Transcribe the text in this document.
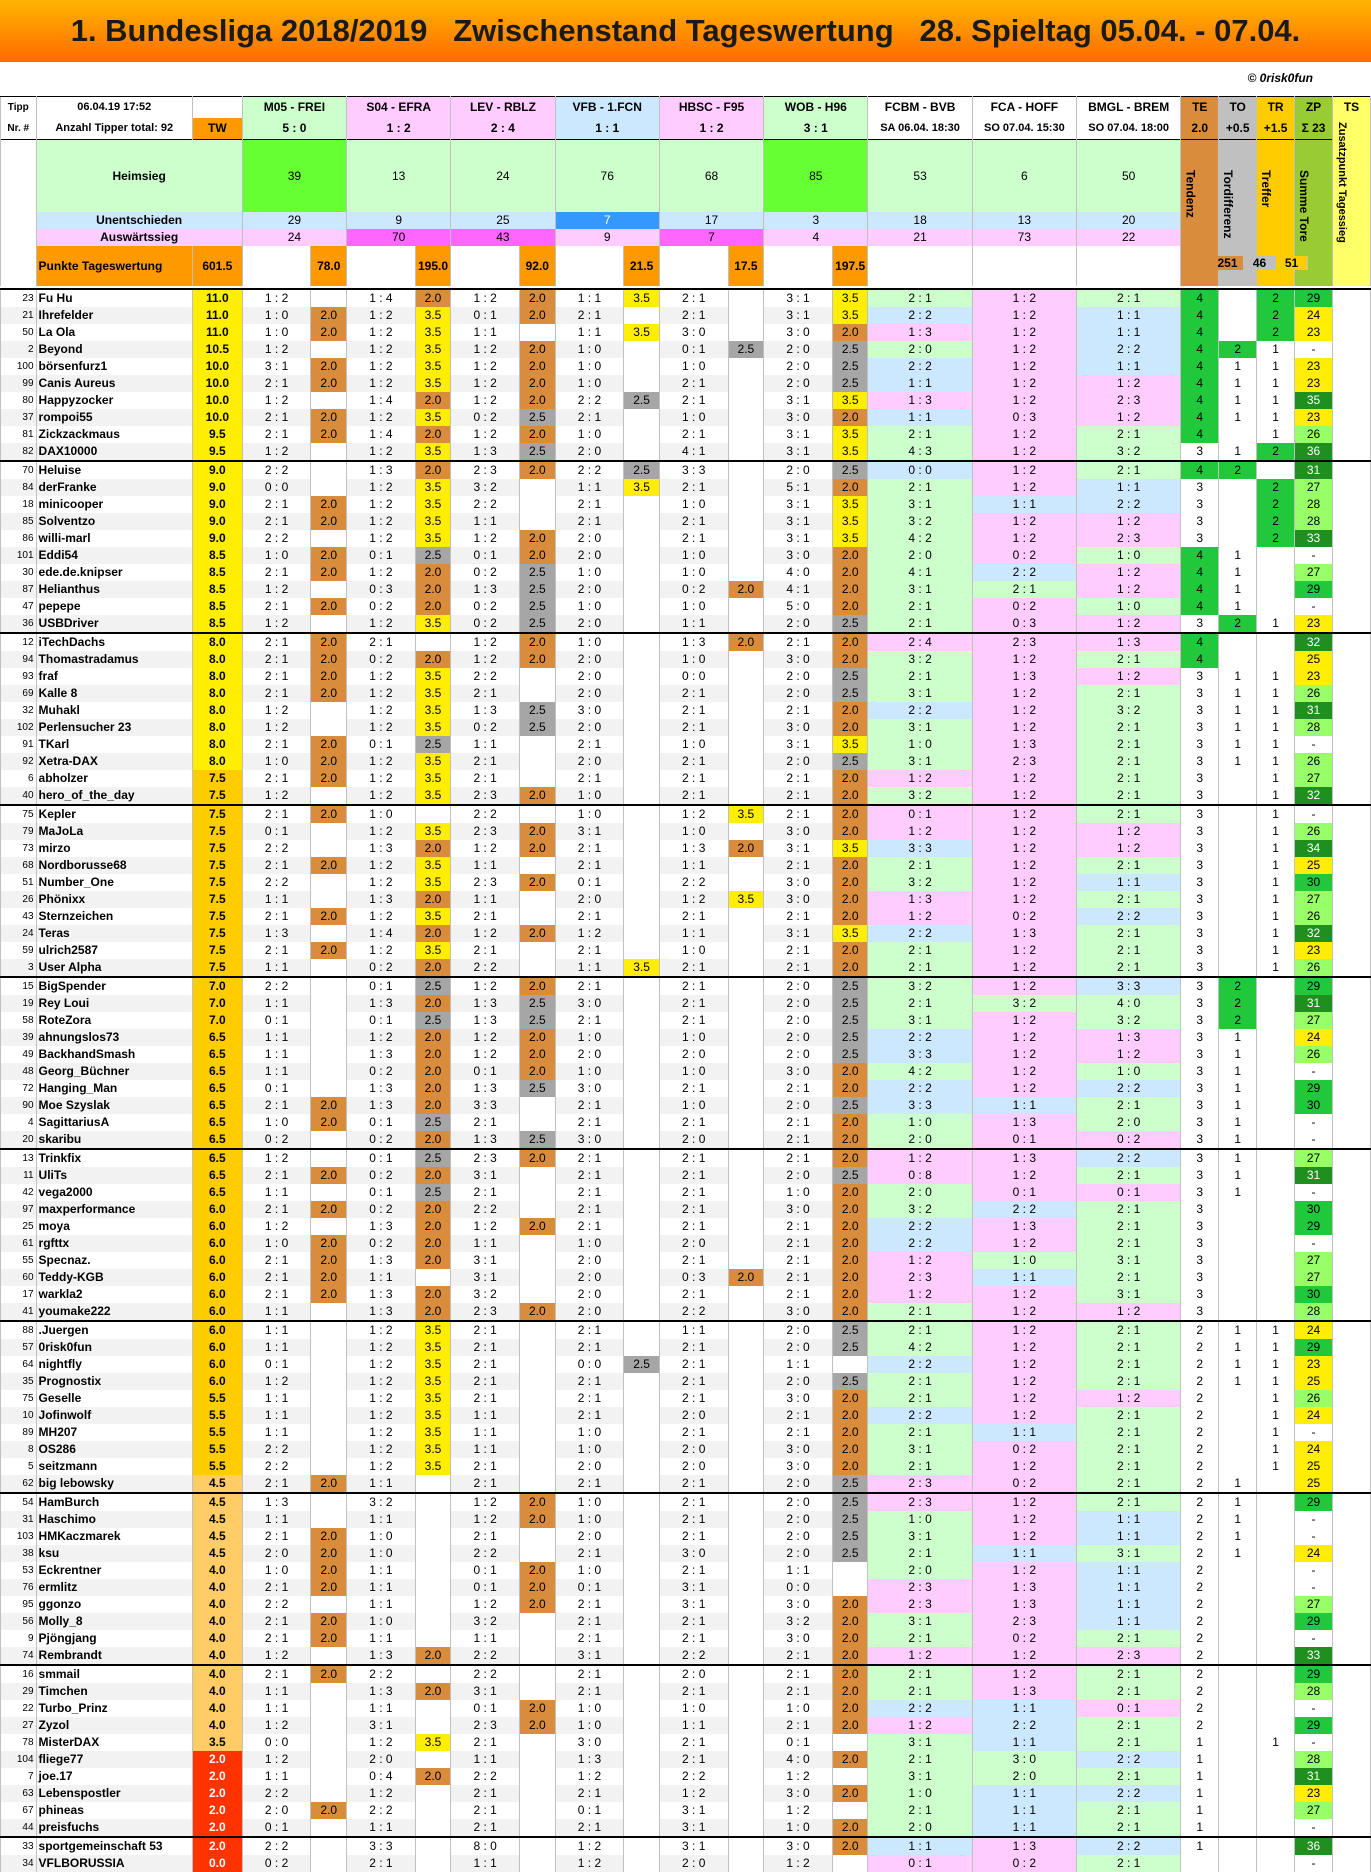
1. Bundesliga 2018/2019   Zwischenstand Tageswertung   28. Spieltag 05.04. - 07.04.
© 0risk0fun
Tipp	06.04.19 17:52		M05 - FREI		S04 - EFRA		LEV - RBLZ		VFB - 1.FCN		HBSC - F95		WOB - H96		FCBM - BVB	FCA - HOFF	BMGL - BREM	TE	TO	TR	ZP	TS
Nr. #	Anzahl Tipper total: 92	TW	5 : 0		1 : 2		2 : 4		1 : 1		1 : 2		3 : 1		SA 06.04. 18:30	SO 07.04. 15:30	SO 07.04. 18:00	2.0	+0.5	+1.5	Σ 23	Zusatzpunkt Tagessieg

	Heimsieg		39		13		24		76		68		85		53	6	50	Tendenz	Tordifferenz	Treffer	Summe Tore	

	Unentschieden		29		9		25		7		17		3		18	13	20					
	Auswärtssieg		24		70		43		9		7		4		21	73	22					
	Punkte Tageswertung	601.5		78.0		195.0		92.0		21.5		17.5		197.5								

23	Fu Hu	11.0	1 : 2		1 : 4	2.0	1 : 2	2.0	1 : 1	3.5	2 : 1		3 : 1	3.5	2 : 1	1 : 2	2 : 1	4		2	29	
21	Ihrefelder	11.0	1 : 0	2.0	1 : 2	3.5	0 : 1	2.0	2 : 1		2 : 1		3 : 1	3.5	2 : 2	1 : 2	1 : 1	4		2	24	
50	La Ola	11.0	1 : 0	2.0	1 : 2	3.5	1 : 1		1 : 1	3.5	3 : 0		3 : 0	2.0	1 : 3	1 : 2	1 : 1	4		2	23	
2	Beyond	10.5	1 : 2		1 : 2	3.5	1 : 2	2.0	1 : 0		0 : 1	2.5	2 : 0	2.5	2 : 0	1 : 2	2 : 2	4	2	1	-	
100	börsenfurz1	10.0	3 : 1	2.0	1 : 2	3.5	1 : 2	2.0	1 : 0		1 : 0		2 : 0	2.5	2 : 2	1 : 2	1 : 1	4	1	1	23	
99	Canis Aureus	10.0	2 : 1	2.0	1 : 2	3.5	1 : 2	2.0	1 : 0		2 : 1		2 : 0	2.5	1 : 1	1 : 2	1 : 2	4	1	1	23	
80	Happyzocker	10.0	1 : 2		1 : 4	2.0	1 : 2	2.0	2 : 2	2.5	2 : 1		3 : 1	3.5	1 : 3	1 : 2	2 : 3	4	1	1	35	
37	rompoi55	10.0	2 : 1	2.0	1 : 2	3.5	0 : 2	2.5	2 : 1		1 : 0		3 : 0	2.0	1 : 1	0 : 3	1 : 2	4	1	1	23	
81	Zickzackmaus	9.5	2 : 1	2.0	1 : 4	2.0	1 : 2	2.0	1 : 0		2 : 1		3 : 1	3.5	2 : 1	1 : 2	2 : 1	4		1	26	
82	DAX10000	9.5	1 : 2		1 : 2	3.5	1 : 3	2.5	2 : 0		4 : 1		3 : 1	3.5	4 : 3	1 : 2	3 : 2	3	1	2	36	
70	Heluise	9.0	2 : 2		1 : 3	2.0	2 : 3	2.0	2 : 2	2.5	3 : 3		2 : 0	2.5	0 : 0	1 : 2	2 : 1	4	2		31	
84	derFranke	9.0	0 : 0		1 : 2	3.5	3 : 2		1 : 1	3.5	2 : 1		5 : 1	2.0	2 : 1	1 : 2	1 : 1	3		2	27	
18	minicooper	9.0	2 : 1	2.0	1 : 2	3.5	2 : 2		2 : 1		1 : 0		3 : 1	3.5	3 : 1	1 : 1	2 : 2	3		2	28	
85	Solventzo	9.0	2 : 1	2.0	1 : 2	3.5	1 : 1		2 : 1		2 : 1		3 : 1	3.5	3 : 2	1 : 2	1 : 2	3		2	28	
86	willi-marl	9.0	2 : 2		1 : 2	3.5	1 : 2	2.0	2 : 0		2 : 1		3 : 1	3.5	4 : 2	1 : 2	2 : 3	3		2	33	
101	Eddi54	8.5	1 : 0	2.0	0 : 1	2.5	0 : 1	2.0	2 : 0		1 : 0		3 : 0	2.0	2 : 0	0 : 2	1 : 0	4	1		-	
30	ede.de.knipser	8.5	2 : 1	2.0	1 : 2	2.0	0 : 2	2.5	1 : 0		1 : 0		4 : 0	2.0	4 : 1	2 : 2	1 : 2	4	1		27	
87	Helianthus	8.5	1 : 2		0 : 3	2.0	1 : 3	2.5	2 : 0		0 : 2	2.0	4 : 1	2.0	3 : 1	2 : 1	1 : 2	4	1		29	
47	pepepe	8.5	2 : 1	2.0	0 : 2	2.0	0 : 2	2.5	1 : 0		1 : 0		5 : 0	2.0	2 : 1	0 : 2	1 : 0	4	1		-	
36	USBDriver	8.5	1 : 2		1 : 2	3.5	0 : 2	2.5	2 : 0		1 : 1		2 : 0	2.5	2 : 1	0 : 3	1 : 2	3	2	1	23	
12	iTechDachs	8.0	2 : 1	2.0	2 : 1		1 : 2	2.0	1 : 0		1 : 3	2.0	2 : 1	2.0	2 : 4	2 : 3	1 : 3	4			32	
94	Thomastradamus	8.0	2 : 1	2.0	0 : 2	2.0	1 : 2	2.0	2 : 0		1 : 0		3 : 0	2.0	3 : 2	1 : 2	2 : 1	4			25	
93	fraf	8.0	2 : 1	2.0	1 : 2	3.5	2 : 2		2 : 0		0 : 0		2 : 0	2.5	2 : 1	1 : 3	1 : 2	3	1	1	23	
69	Kalle 8	8.0	2 : 1	2.0	1 : 2	3.5	2 : 1		2 : 0		2 : 1		2 : 0	2.5	3 : 1	1 : 2	2 : 1	3	1	1	26	
32	Muhakl	8.0	1 : 2		1 : 2	3.5	1 : 3	2.5	3 : 0		2 : 1		2 : 1	2.0	2 : 2	1 : 2	3 : 2	3	1	1	31	
102	Perlensucher 23	8.0	1 : 2		1 : 2	3.5	0 : 2	2.5	2 : 0		2 : 1		3 : 0	2.0	3 : 1	1 : 2	2 : 1	3	1	1	28	
91	TKarl	8.0	2 : 1	2.0	0 : 1	2.5	1 : 1		2 : 1		1 : 0		3 : 1	3.5	1 : 0	1 : 3	2 : 1	3	1	1	-	
92	Xetra-DAX	8.0	1 : 0	2.0	1 : 2	3.5	2 : 1		2 : 0		2 : 1		2 : 0	2.5	3 : 1	2 : 3	2 : 1	3	1	1	26	
6	abholzer	7.5	2 : 1	2.0	1 : 2	3.5	2 : 1		2 : 1		2 : 1		2 : 1	2.0	1 : 2	1 : 2	2 : 1	3		1	27	
40	hero_of_the_day	7.5	1 : 2		1 : 2	3.5	2 : 3	2.0	1 : 0		2 : 1		2 : 1	2.0	3 : 2	1 : 2	2 : 1	3		1	32	
75	Kepler	7.5	2 : 1	2.0	1 : 0		2 : 2		1 : 0		1 : 2	3.5	2 : 1	2.0	0 : 1	1 : 2	2 : 1	3		1	-	
79	MaJoLa	7.5	0 : 1		1 : 2	3.5	2 : 3	2.0	3 : 1		1 : 0		3 : 0	2.0	1 : 2	1 : 2	1 : 2	3		1	26	
73	mirzo	7.5	2 : 2		1 : 3	2.0	1 : 2	2.0	2 : 1		1 : 3	2.0	3 : 1	3.5	3 : 3	1 : 2	1 : 2	3		1	34	
68	Nordborusse68	7.5	2 : 1	2.0	1 : 2	3.5	1 : 1		2 : 1		1 : 1		2 : 1	2.0	2 : 1	1 : 2	2 : 1	3		1	25	
51	Number_One	7.5	2 : 2		1 : 2	3.5	2 : 3	2.0	0 : 1		2 : 2		3 : 0	2.0	3 : 2	1 : 2	1 : 1	3		1	30	
26	Phönixx	7.5	1 : 1		1 : 3	2.0	1 : 1		2 : 0		1 : 2	3.5	3 : 0	2.0	1 : 3	1 : 2	2 : 1	3		1	27	
43	Sternzeichen	7.5	2 : 1	2.0	1 : 2	3.5	2 : 1		2 : 1		2 : 1		2 : 1	2.0	1 : 2	0 : 2	2 : 2	3		1	26	
24	Teras	7.5	1 : 3		1 : 4	2.0	1 : 2	2.0	1 : 2		1 : 1		3 : 1	3.5	2 : 2	1 : 3	2 : 1	3		1	32	
59	ulrich2587	7.5	2 : 1	2.0	1 : 2	3.5	2 : 1		2 : 1		1 : 0		2 : 1	2.0	2 : 1	1 : 2	2 : 1	3		1	23	
3	User Alpha	7.5	1 : 1		0 : 2	2.0	2 : 2		1 : 1	3.5	2 : 1		2 : 1	2.0	2 : 1	1 : 2	2 : 1	3		1	26	
15	BigSpender	7.0	2 : 2		0 : 1	2.5	1 : 2	2.0	2 : 1		2 : 1		2 : 0	2.5	3 : 2	1 : 2	3 : 3	3	2		29	
19	Rey Loui	7.0	1 : 1		1 : 3	2.0	1 : 3	2.5	3 : 0		2 : 1		2 : 0	2.5	2 : 1	3 : 2	4 : 0	3	2		31	
58	RoteZora	7.0	0 : 1		0 : 1	2.5	1 : 3	2.5	2 : 1		2 : 1		2 : 0	2.5	3 : 1	1 : 2	3 : 2	3	2		27	
39	ahnungslos73	6.5	1 : 1		1 : 2	2.0	1 : 2	2.0	1 : 0		1 : 0		2 : 0	2.5	2 : 2	1 : 2	1 : 3	3	1		24	
49	BackhandSmash	6.5	1 : 1		1 : 3	2.0	1 : 2	2.0	2 : 0		2 : 0		2 : 0	2.5	3 : 3	1 : 2	1 : 2	3	1		26	
48	Georg_Büchner	6.5	1 : 1		0 : 2	2.0	0 : 1	2.0	1 : 0		1 : 0		3 : 0	2.0	4 : 2	1 : 2	1 : 0	3	1		-	
72	Hanging_Man	6.5	0 : 1		1 : 3	2.0	1 : 3	2.5	3 : 0		2 : 1		2 : 1	2.0	2 : 2	1 : 2	2 : 2	3	1		29	
90	Moe Szyslak	6.5	2 : 1	2.0	1 : 3	2.0	3 : 3		2 : 1		1 : 0		2 : 0	2.5	3 : 3	1 : 1	2 : 1	3	1		30	
4	SagittariusA	6.5	1 : 0	2.0	0 : 1	2.5	2 : 1		2 : 1		2 : 1		2 : 1	2.0	1 : 0	1 : 3	2 : 0	3	1		-	
20	skaribu	6.5	0 : 2		0 : 2	2.0	1 : 3	2.5	3 : 0		2 : 0		2 : 1	2.0	2 : 0	0 : 1	0 : 2	3	1		-	
13	Trinkfix	6.5	1 : 2		0 : 1	2.5	2 : 3	2.0	2 : 1		2 : 1		2 : 1	2.0	1 : 2	1 : 3	2 : 2	3	1		27	
11	UliTs	6.5	2 : 1	2.0	0 : 2	2.0	3 : 1		2 : 1		2 : 1		2 : 0	2.5	0 : 8	1 : 2	2 : 1	3	1		31	
42	vega2000	6.5	1 : 1		0 : 1	2.5	2 : 1		2 : 1		2 : 1		1 : 0	2.0	2 : 0	0 : 1	0 : 1	3	1		-	
97	maxperformance	6.0	2 : 1	2.0	0 : 2	2.0	2 : 2		2 : 1		2 : 1		3 : 0	2.0	3 : 2	2 : 2	2 : 1	3			30	
25	moya	6.0	1 : 2		1 : 3	2.0	1 : 2	2.0	2 : 1		2 : 1		2 : 1	2.0	2 : 2	1 : 3	2 : 1	3			29	
61	rgfttx	6.0	1 : 0	2.0	0 : 2	2.0	1 : 1		1 : 0		2 : 0		2 : 1	2.0	2 : 2	1 : 2	2 : 1	3			-	
55	Specnaz.	6.0	2 : 1	2.0	1 : 3	2.0	3 : 1		2 : 0		2 : 1		2 : 1	2.0	1 : 2	1 : 0	3 : 1	3			27	
60	Teddy-KGB	6.0	2 : 1	2.0	1 : 1		3 : 1		2 : 0		0 : 3	2.0	2 : 1	2.0	2 : 3	1 : 1	2 : 1	3			27	
17	warkla2	6.0	2 : 1	2.0	1 : 3	2.0	3 : 2		2 : 0		2 : 1		2 : 1	2.0	1 : 2	1 : 2	3 : 1	3			30	
41	youmake222	6.0	1 : 1		1 : 3	2.0	2 : 3	2.0	2 : 0		2 : 2		3 : 0	2.0	2 : 1	1 : 2	1 : 2	3			28	
88	.Juergen	6.0	1 : 1		1 : 2	3.5	2 : 1		2 : 1		1 : 1		2 : 0	2.5	2 : 1	1 : 2	2 : 1	2	1	1	24	
57	0risk0fun	6.0	1 : 1		1 : 2	3.5	2 : 1		2 : 1		2 : 1		2 : 0	2.5	4 : 2	1 : 2	2 : 1	2	1	1	29	
64	nightfly	6.0	0 : 1		1 : 2	3.5	2 : 1		0 : 0	2.5	2 : 1		1 : 1		2 : 2	1 : 2	2 : 1	2	1	1	23	
35	Prognostix	6.0	1 : 2		1 : 2	3.5	2 : 1		2 : 1		2 : 1		2 : 0	2.5	2 : 1	1 : 2	2 : 1	2	1	1	25	
75	Geselle	5.5	1 : 1		1 : 2	3.5	2 : 1		2 : 1		2 : 1		3 : 0	2.0	2 : 1	1 : 2	1 : 2	2		1	26	
10	Jofinwolf	5.5	1 : 1		1 : 2	3.5	1 : 1		2 : 1		2 : 0		2 : 1	2.0	2 : 2	1 : 2	2 : 1	2		1	24	
89	MH207	5.5	1 : 1		1 : 2	3.5	1 : 1		1 : 0		2 : 1		2 : 1	2.0	2 : 1	1 : 1	2 : 1	2		1	-	
8	OS286	5.5	2 : 2		1 : 2	3.5	1 : 1		1 : 0		2 : 0		3 : 0	2.0	3 : 1	0 : 2	2 : 1	2		1	24	
5	seitzmann	5.5	2 : 2		1 : 2	3.5	2 : 1		2 : 0		2 : 0		3 : 0	2.0	2 : 1	1 : 2	2 : 1	2		1	25	
62	big lebowsky	4.5	2 : 1	2.0	1 : 1		2 : 1		2 : 1		2 : 1		2 : 0	2.5	2 : 3	0 : 2	2 : 1	2	1		25	
54	HamBurch	4.5	1 : 3		3 : 2		1 : 2	2.0	1 : 0		2 : 1		2 : 0	2.5	2 : 3	1 : 2	2 : 1	2	1		29	
31	Haschimo	4.5	1 : 1		1 : 1		1 : 2	2.0	1 : 0		2 : 1		2 : 0	2.5	1 : 0	1 : 2	1 : 1	2	1		-	
103	HMKaczmarek	4.5	2 : 1	2.0	1 : 0		2 : 1		2 : 0		2 : 1		2 : 0	2.5	3 : 1	1 : 2	1 : 1	2	1		-	
38	ksu	4.5	2 : 0	2.0	1 : 0		2 : 2		2 : 1		3 : 0		2 : 0	2.5	2 : 1	1 : 1	3 : 1	2	1		24	
53	Eckrentner	4.0	1 : 0	2.0	1 : 1		0 : 1	2.0	1 : 0		2 : 1		1 : 1		2 : 0	1 : 2	1 : 1	2			-	
76	ermlitz	4.0	2 : 1	2.0	1 : 1		0 : 1	2.0	0 : 1		3 : 1		0 : 0		2 : 3	1 : 3	1 : 1	2			-	
95	ggonzo	4.0	2 : 2		1 : 1		1 : 2	2.0	2 : 1		3 : 1		3 : 0	2.0	2 : 3	1 : 3	1 : 1	2			27	
56	Molly_8	4.0	2 : 1	2.0	1 : 0		3 : 2		2 : 1		2 : 1		3 : 2	2.0	3 : 1	2 : 3	1 : 1	2			29	
9	Pjöngjang	4.0	2 : 1	2.0	1 : 1		1 : 1		2 : 1		2 : 1		3 : 0	2.0	2 : 1	0 : 2	2 : 1	2			-	
74	Rembrandt	4.0	1 : 2		1 : 3	2.0	2 : 2		3 : 1		2 : 2		2 : 1	2.0	1 : 2	1 : 2	2 : 3	2			33	
16	smmail	4.0	2 : 1	2.0	2 : 2		2 : 2		2 : 1		2 : 0		2 : 1	2.0	2 : 1	1 : 2	2 : 1	2			29	
29	Timchen	4.0	1 : 1		1 : 3	2.0	3 : 1		2 : 1		2 : 1		2 : 1	2.0	2 : 1	1 : 3	2 : 1	2			28	
22	Turbo_Prinz	4.0	1 : 1		1 : 1		0 : 1	2.0	1 : 0		1 : 0		1 : 0	2.0	2 : 2	1 : 1	0 : 1	2			-	
27	Zyzol	4.0	1 : 2		3 : 1		2 : 3	2.0	1 : 0		1 : 1		2 : 1	2.0	1 : 2	2 : 2	2 : 1	2			29	
78	MisterDAX	3.5	0 : 0		1 : 2	3.5	2 : 1		3 : 0		2 : 1		0 : 1		3 : 1	1 : 1	2 : 1	1		1	-	
104	fliege77	2.0	1 : 2		2 : 0		1 : 1		1 : 3		2 : 1		4 : 0	2.0	2 : 1	3 : 0	2 : 2	1			28	
7	joe.17	2.0	1 : 1		0 : 4	2.0	2 : 2		1 : 2		2 : 2		1 : 2		3 : 1	2 : 0	2 : 1	1			31	
63	Lebenspostler	2.0	2 : 2		1 : 2		2 : 1		2 : 1		1 : 2		3 : 0	2.0	1 : 0	1 : 1	2 : 2	1			23	
67	phineas	2.0	2 : 0	2.0	2 : 2		2 : 1		0 : 1		3 : 1		1 : 2		2 : 1	1 : 1	2 : 1	1			27	
44	preisfuchs	2.0	0 : 1		1 : 1		2 : 1		2 : 1		3 : 1		1 : 0	2.0	2 : 0	1 : 1	2 : 1	1			-	
33	sportgemeinschaft 53	2.0	2 : 2		3 : 3		8 : 0		1 : 2		3 : 1		3 : 0	2.0	1 : 1	1 : 3	2 : 2	1			36	
34	VFLBORUSSIA	0.0	0 : 2		2 : 1		1 : 1		1 : 2		2 : 0		1 : 2		0 : 1	0 : 2	2 : 1				-	
251	46	51
